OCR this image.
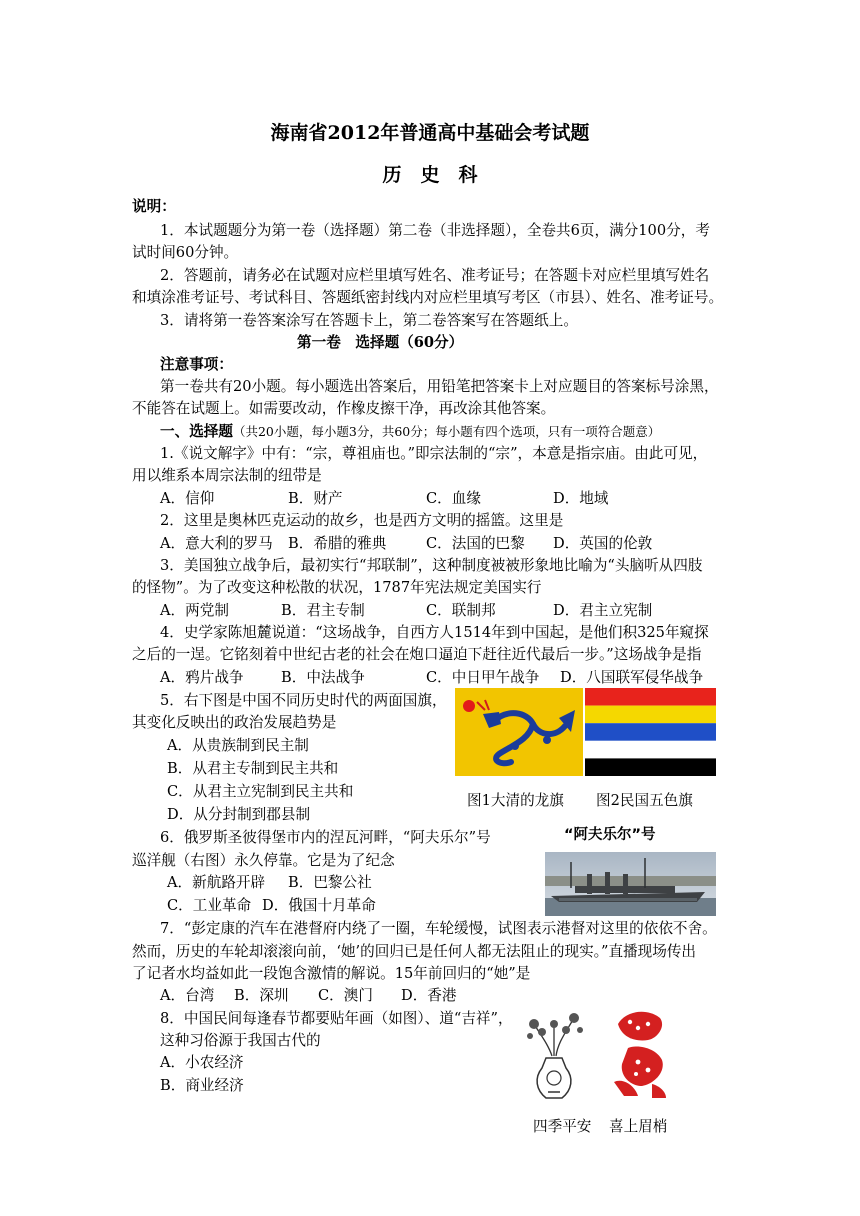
海南省2012年普通高中基础会考试题
历　史　科
说明：
1．本试题题分为第一卷（选择题）第二卷（非选择题），全卷共6页，满分100分，考
试时间60分钟。
2．答题前，请务必在试题对应栏里填写姓名、准考证号；在答题卡对应栏里填写姓名
和填涂准考证号、考试科目、答题纸密封线内对应栏里填写考区（市县）、姓名、准考证号。
3．请将第一卷答案涂写在答题卡上，第二卷答案写在答题纸上。
第一卷　选择题（60分）
注意事项：
第一卷共有20小题。每小题选出答案后，用铅笔把答案卡上对应题目的答案标号涂黑，
不能答在试题上。如需要改动，作橡皮擦干净，再改涂其他答案。
一、选择题（共20小题，每小题3分，共60分；每小题有四个选项，只有一项符合题意）
1.《说文解字》中有：“宗，尊祖庙也。”即宗法制的“宗”，本意是指宗庙。由此可见，
用以维系本周宗法制的纽带是
A．信仰	B．财产	C．血缘	D．地域
2．这里是奥林匹克运动的故乡，也是西方文明的摇篮。这里是
A．意大利的罗马 B．希腊的雅典	C．法国的巴黎 D．英国的伦敦
3．美国独立战争后，最初实行“邦联制”，这种制度被被形象地比喻为“头脑听从四肢
的怪物”。为了改变这种松散的状况，1787年宪法规定美国实行
A．两党制	B．君主专制	C．联制邦	D．君主立宪制
4．史学家陈旭麓说道：“这场战争，自西方人1514年到中国起，是他们积325年窥探
之后的一逞。它铭刻着中世纪古老的社会在炮口逼迫下赶往近代最后一步。”这场战争是指
A．鸦片战争	B．中法战争	C．中日甲午战争 D．八国联军侵华战争
5．右下图是中国不同历史时代的两面国旗，
其变化反映出的政治发展趋势是
A．从贵族制到民主制
B．从君主专制到民主共和
C．从君主立宪制到民主共和
D．从分封制到郡县制
图1大清的龙旗 图2民国五色旗
6．俄罗斯圣彼得堡市内的涅瓦河畔，“阿夫乐尔”号
巡洋舰（右图）永久停靠。它是为了纪念
A．新航路开辟 B．巴黎公社
C．工业革命 D．俄国十月革命
“阿夫乐尔”号
7．“彭定康的汽车在港督府内绕了一圈，车轮缓慢，试图表示港督对这里的依依不舍。
然而，历史的车轮却滚滚向前，‘她’的回归已是任何人都无法阻止的现实。”直播现场传出
了记者水均益如此一段饱含激情的解说。15年前回归的“她”是
A．台湾 B．深圳 C．澳门 D．香港
8．中国民间每逢春节都要贴年画（如图）、道“吉祥”，
这种习俗源于我国古代的
A．小农经济
B．商业经济
四季平安 喜上眉梢
